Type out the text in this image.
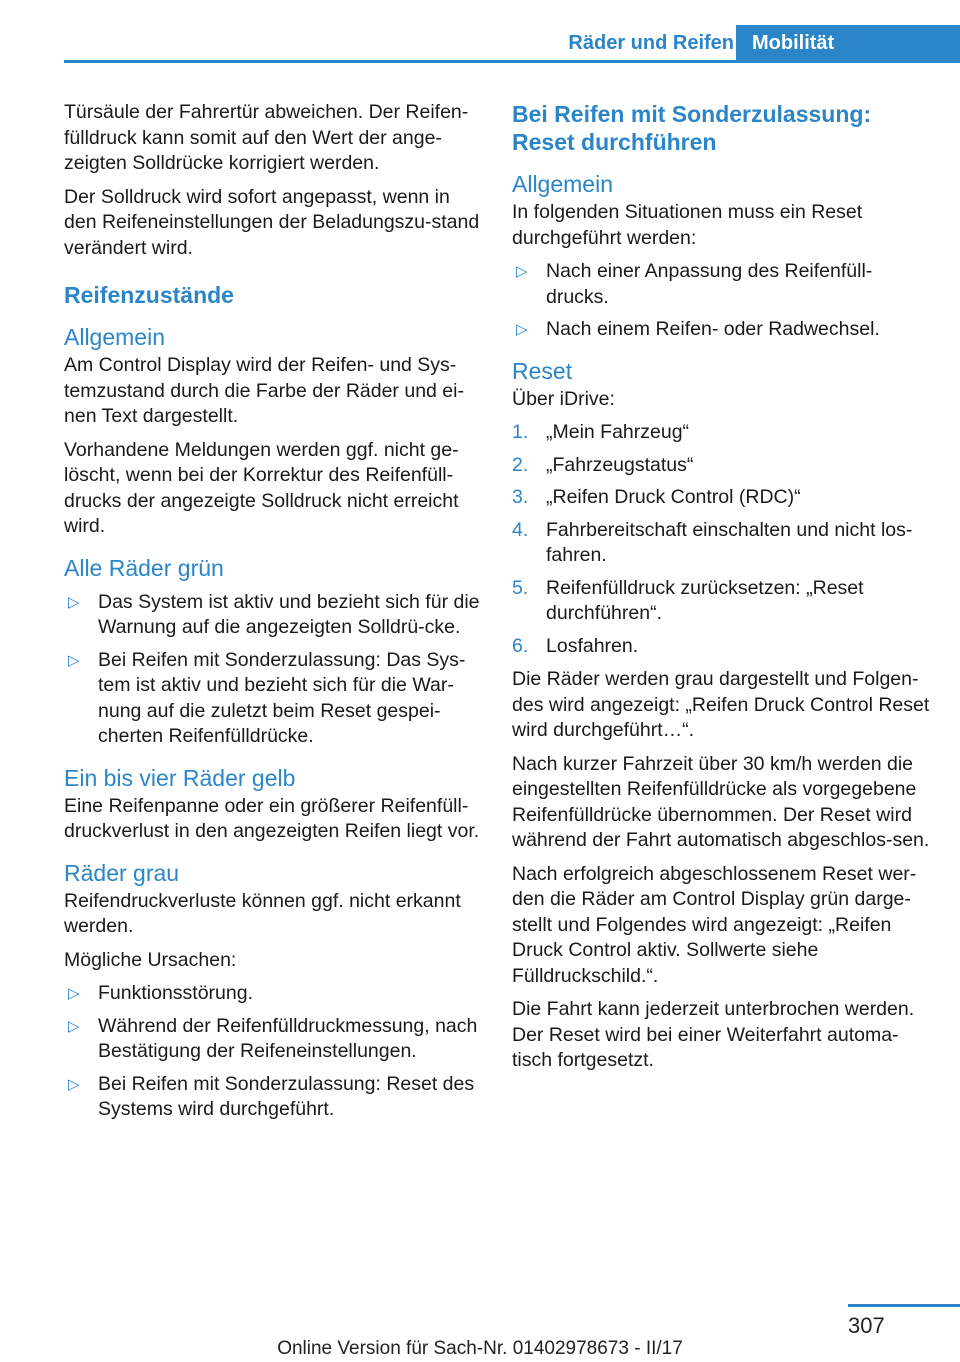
Räder und Reifen Mobilität

Türsäule der Fahrertür abweichen. Der Reifen-fülldruck kann somit auf den Wert der ange-zeigten Solldrücke korrigiert werden.

Der Solldruck wird sofort angepasst, wenn in den Reifeneinstellungen der Beladungszu-stand verändert wird.

Reifenzustände
Allgemein

Am Control Display wird der Reifen- und Sys-temzustand durch die Farbe der Räder und ei-nen Text dargestellt.

Vorhandene Meldungen werden ggf. nicht ge-löscht, wenn bei der Korrektur des Reifenfüll-drucks der angezeigte Solldruck nicht erreicht wird.

Alle Räder grün
▷ Das System ist aktiv und bezieht sich für die Warnung auf die angezeigten Solldrü-cke.
▷ Bei Reifen mit Sonderzulassung: Das Sys-tem ist aktiv und bezieht sich für die War-nung auf die zuletzt beim Reset gespei-cherten Reifenfülldrücke.
Ein bis vier Räder gelb

Eine Reifenpanne oder ein größerer Reifenfüll-druckverlust in den angezeigten Reifen liegt vor.

Räder grau

Reifendruckverluste können ggf. nicht erkannt werden.

Mögliche Ursachen:

▷ Funktionsstörung.
▷ Während der Reifenfülldruckmessung, nach Bestätigung der Reifeneinstellungen.
▷ Bei Reifen mit Sonderzulassung: Reset des Systems wird durchgeführt.
Bei Reifen mit Sonderzulassung: Reset durchführen
Allgemein

In folgenden Situationen muss ein Reset durchgeführt werden:

▷ Nach einer Anpassung des Reifenfüll-drucks.
▷ Nach einem Reifen- oder Radwechsel.
Reset

Über iDrive:

1. „Mein Fahrzeug“
2. „Fahrzeugstatus“
3. „Reifen Druck Control (RDC)“
4. Fahrbereitschaft einschalten und nicht los-fahren.
5. Reifenfülldruck zurücksetzen: „Reset durchführen“.
6. Losfahren.

Die Räder werden grau dargestellt und Folgen-des wird angezeigt: „Reifen Druck Control Reset wird durchgeführt…“.

Nach kurzer Fahrzeit über 30 km/h werden die eingestellten Reifenfülldrücke als vorgegebene Reifenfülldrücke übernommen. Der Reset wird während der Fahrt automatisch abgeschlos-sen.

Nach erfolgreich abgeschlossenem Reset wer-den die Räder am Control Display grün darge-stellt und Folgendes wird angezeigt: „Reifen Druck Control aktiv. Sollwerte siehe Fülldruckschild.“.

Die Fahrt kann jederzeit unterbrochen werden. Der Reset wird bei einer Weiterfahrt automa-tisch fortgesetzt.

307
Online Version für Sach-Nr. 01402978673 - II/17
